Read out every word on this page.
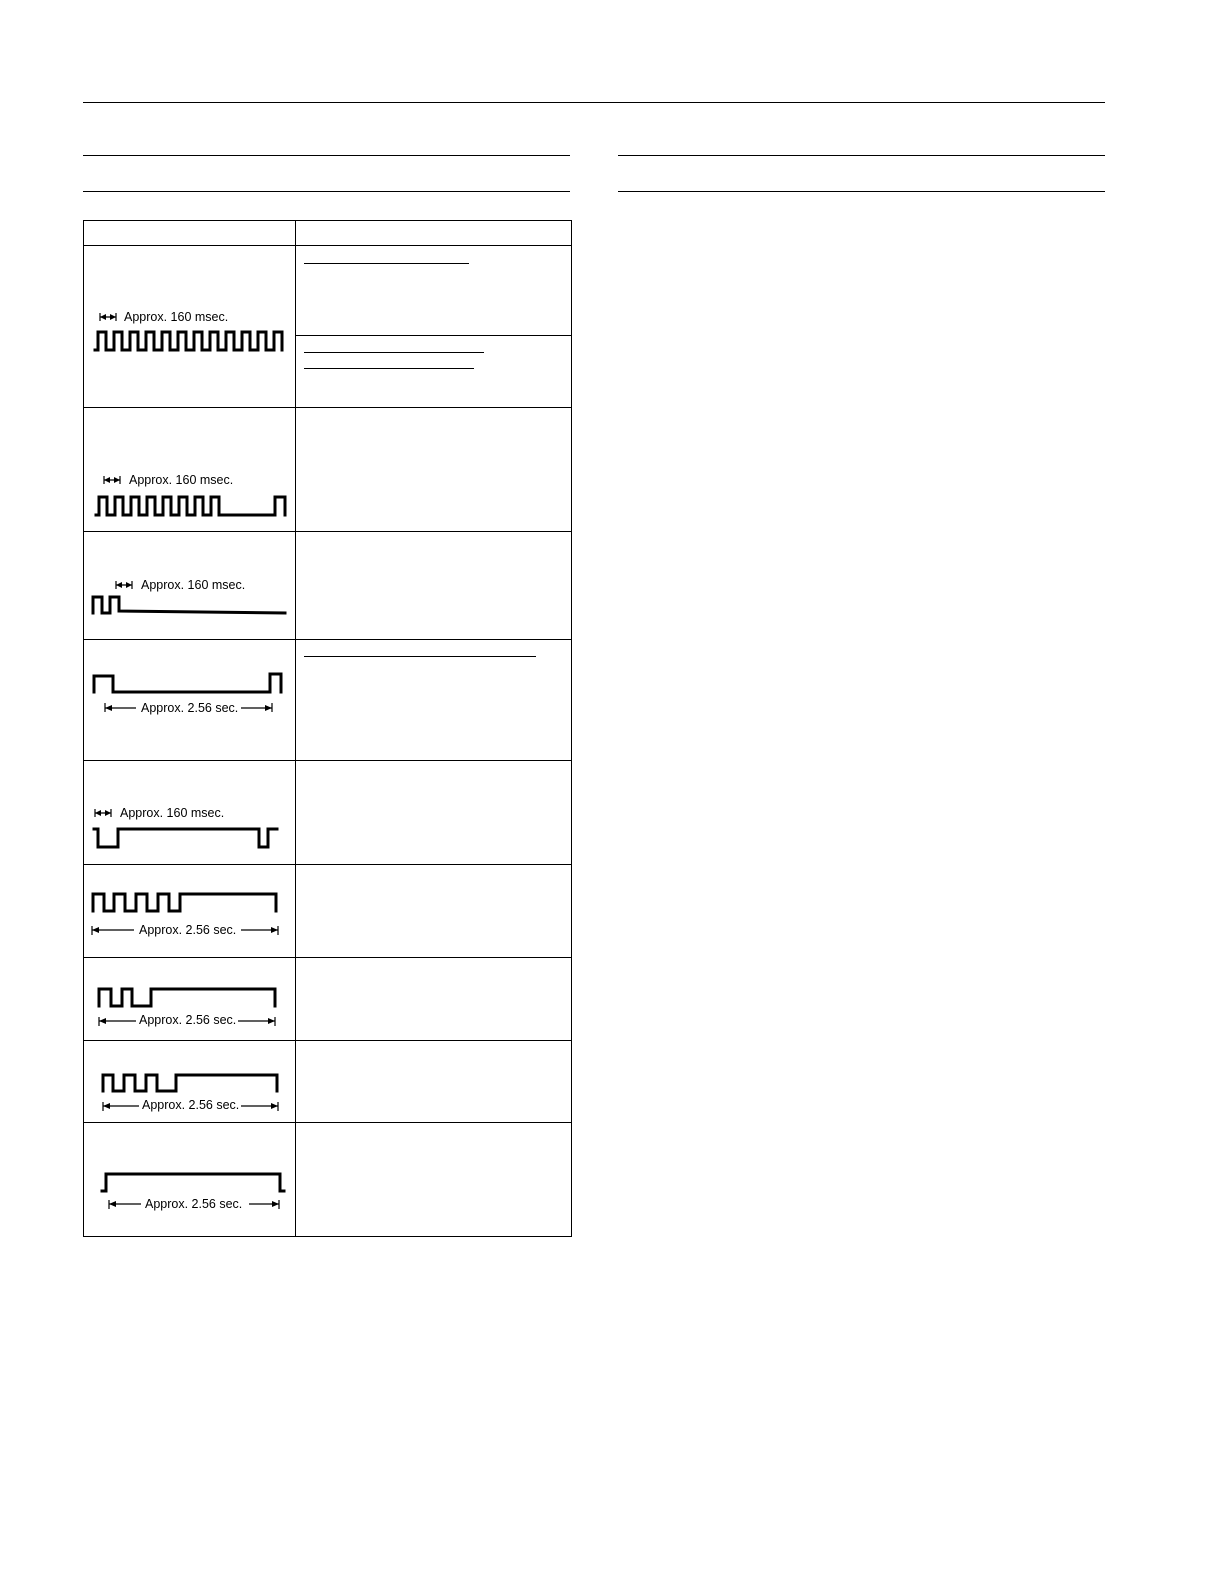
Approx. 160 msec.
Approx. 160 msec.
Approx. 160 msec.
Approx. 2.56 sec.
Approx. 160 msec.
Approx. 2.56 sec.
Approx. 2.56 sec.
Approx. 2.56 sec.
Approx. 2.56 sec.
